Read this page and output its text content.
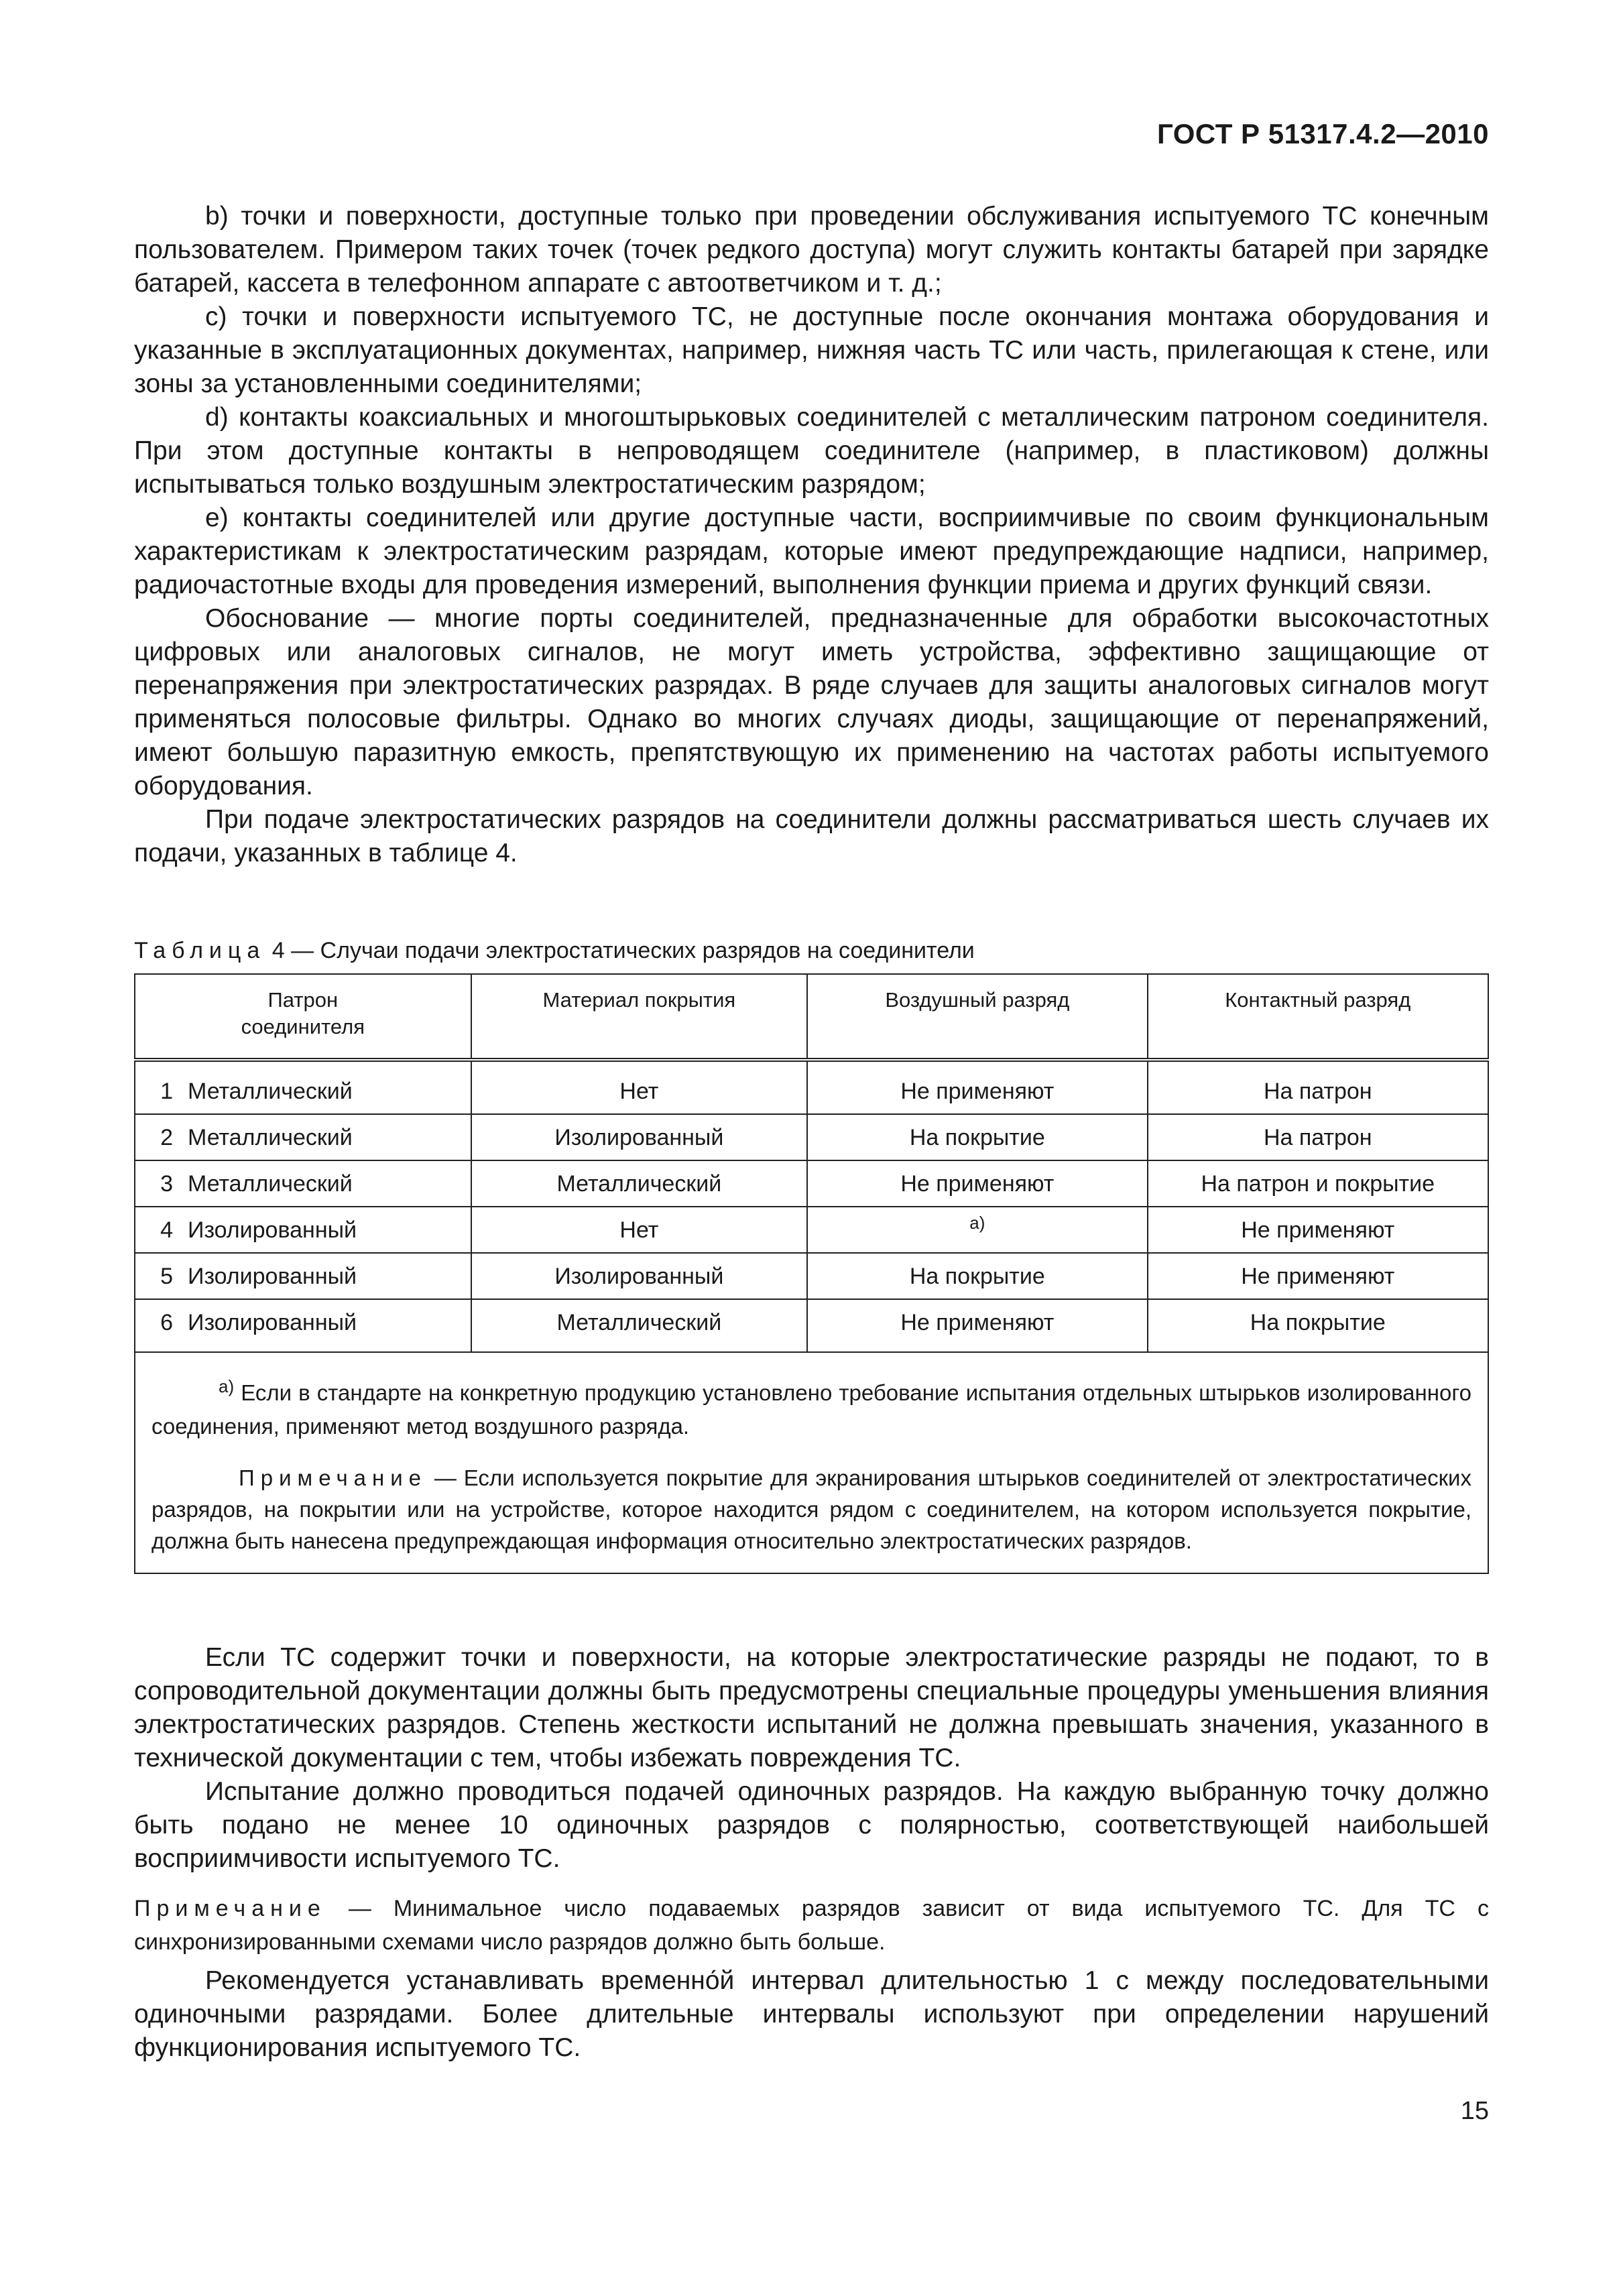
ГОСТ Р 51317.4.2—2010

b) точки и поверхности, доступные только при проведении обслуживания испытуемого ТС конечным пользователем. Примером таких точек (точек редкого доступа) могут служить контакты батарей при зарядке батарей, кассета в телефонном аппарате с автоответчиком и т. д.;

c) точки и поверхности испытуемого ТС, не доступные после окончания монтажа оборудования и указанные в эксплуатационных документах, например, нижняя часть ТС или часть, прилегающая к стене, или зоны за установленными соединителями;

d) контакты коаксиальных и многоштырьковых соединителей с металлическим патроном соединителя. При этом доступные контакты в непроводящем соединителе (например, в пластиковом) должны испытываться только воздушным электростатическим разрядом;

e) контакты соединителей или другие доступные части, восприимчивые по своим функциональным характеристикам к электростатическим разрядам, которые имеют предупреждающие надписи, например, радиочастотные входы для проведения измерений, выполнения функции приема и других функций связи.

Обоснование — многие порты соединителей, предназначенные для обработки высокочастотных цифровых или аналоговых сигналов, не могут иметь устройства, эффективно защищающие от перенапряжения при электростатических разрядах. В ряде случаев для защиты аналоговых сигналов могут применяться полосовые фильтры. Однако во многих случаях диоды, защищающие от перенапряжений, имеют большую паразитную емкость, препятствующую их применению на частотах работы испытуемого оборудования.

При подаче электростатических разрядов на соединители должны рассматриваться шесть случаев их подачи, указанных в таблице 4.

Таблица 4 — Случаи подачи электростатических разрядов на соединители
Патрон соединителя	Материал покрытия	Воздушный разряд	Контактный разряд
1 Металлический	Нет	Не применяют	На патрон
2 Металлический	Изолированный	На покрытие	На патрон
3 Металлический	Металлический	Не применяют	На патрон и покрытие
4 Изолированный	Нет	$^{а)}$	Не применяют
5 Изолированный	Изолированный	На покрытие	Не применяют
6 Изолированный	Металлический	Не применяют	На покрытие

$^{а)}$ Если в стандарте на конкретную продукцию установлено требование испытания отдельных штырьков изолированного соединения, применяют метод воздушного разряда.

Примечание — Если используется покрытие для экранирования штырьков соединителей от электростатических разрядов, на покрытии или на устройстве, которое находится рядом с соединителем, на котором используется покрытие, должна быть нанесена предупреждающая информация относительно электростатических разрядов.			

Если ТС содержит точки и поверхности, на которые электростатические разряды не подают, то в сопроводительной документации должны быть предусмотрены специальные процедуры уменьшения влияния электростатических разрядов. Степень жесткости испытаний не должна превышать значения, указанного в технической документации с тем, чтобы избежать повреждения ТС.

Испытание должно проводиться подачей одиночных разрядов. На каждую выбранную точку должно быть подано не менее 10 одиночных разрядов с полярностью, соответствующей наибольшей восприимчивости испытуемого ТС.

Примечание — Минимальное число подаваемых разрядов зависит от вида испытуемого ТС. Для ТС с синхронизированными схемами число разрядов должно быть больше.

Рекомендуется устанавливать временно́й интервал длительностью 1 с между последовательными одиночными разрядами. Более длительные интервалы используют при определении нарушений функционирования испытуемого ТС.

15
